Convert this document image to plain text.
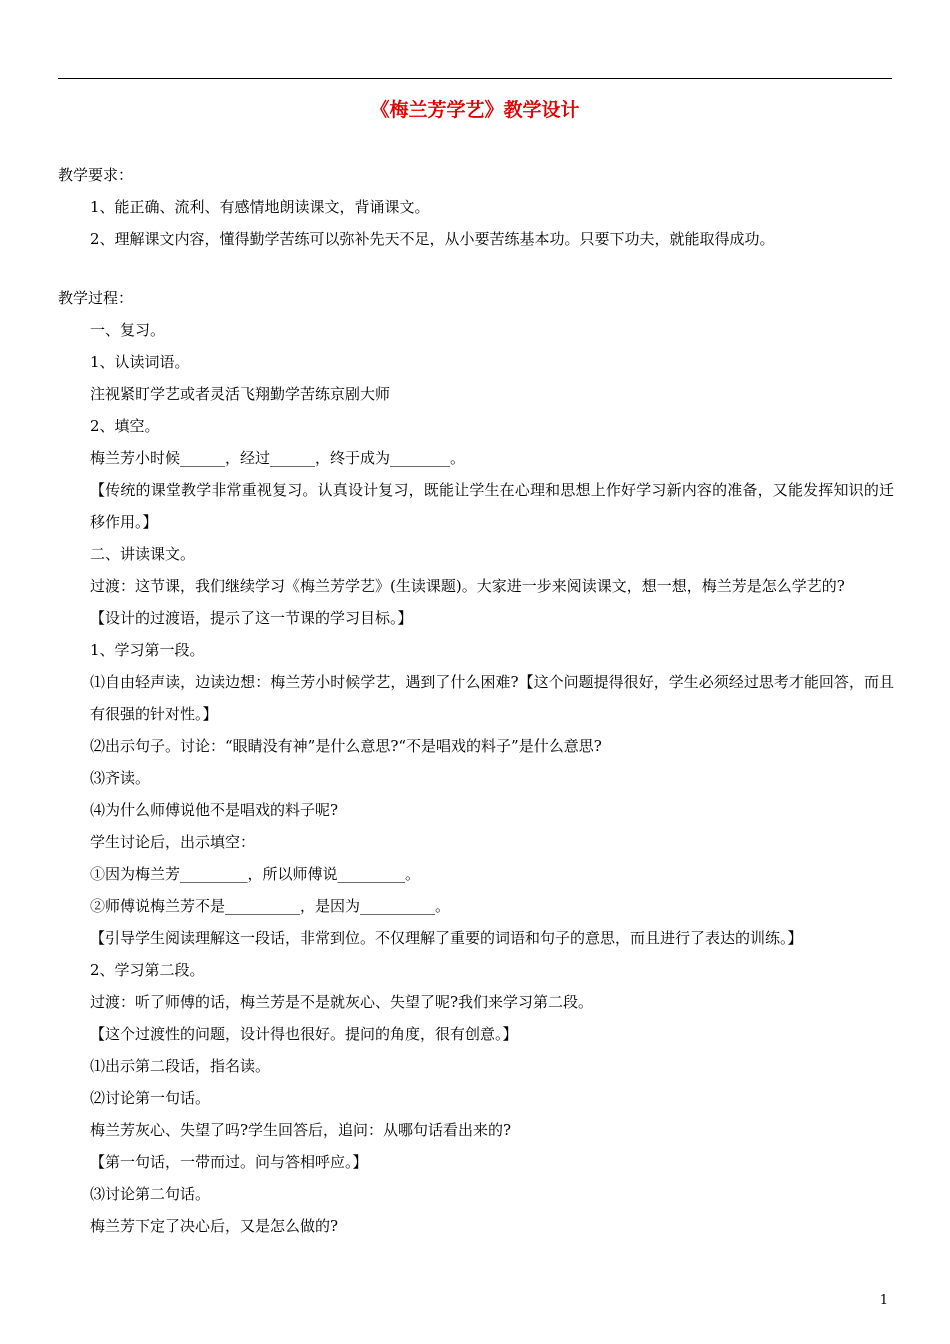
《梅兰芳学艺》教学设计
教学要求：
1、能正确、流利、有感情地朗读课文，背诵课文。
2、理解课文内容，懂得勤学苦练可以弥补先天不足，从小要苦练基本功。只要下功夫，就能取得成功。
教学过程：
一、复习。
1、认读词语。
注视紧盯学艺或者灵活飞翔勤学苦练京剧大师
2、填空。
梅兰芳小时候______，经过______，终于成为________。
【传统的课堂教学非常重视复习。认真设计复习，既能让学生在心理和思想上作好学习新内容的准备，又能发挥知识的迁移作用。】
二、讲读课文。
过渡：这节课，我们继续学习《梅兰芳学艺》(生读课题)。大家进一步来阅读课文，想一想，梅兰芳是怎么学艺的?
【设计的过渡语，提示了这一节课的学习目标。】
1、学习第一段。
⑴自由轻声读，边读边想：梅兰芳小时候学艺，遇到了什么困难?【这个问题提得很好，学生必须经过思考才能回答，而且有很强的针对性。】
⑵出示句子。讨论：“眼睛没有神”是什么意思?“不是唱戏的料子”是什么意思?
⑶齐读。
⑷为什么师傅说他不是唱戏的料子呢?
学生讨论后，出示填空：
①因为梅兰芳_________，所以师傅说_________。
②师傅说梅兰芳不是__________，是因为__________。
【引导学生阅读理解这一段话，非常到位。不仅理解了重要的词语和句子的意思，而且进行了表达的训练。】
2、学习第二段。
过渡：听了师傅的话，梅兰芳是不是就灰心、失望了呢?我们来学习第二段。
【这个过渡性的问题，设计得也很好。提问的角度，很有创意。】
⑴出示第二段话，指名读。
⑵讨论第一句话。
梅兰芳灰心、失望了吗?学生回答后，追问：从哪句话看出来的?
【第一句话，一带而过。问与答相呼应。】
⑶讨论第二句话。
梅兰芳下定了决心后，又是怎么做的?
1
